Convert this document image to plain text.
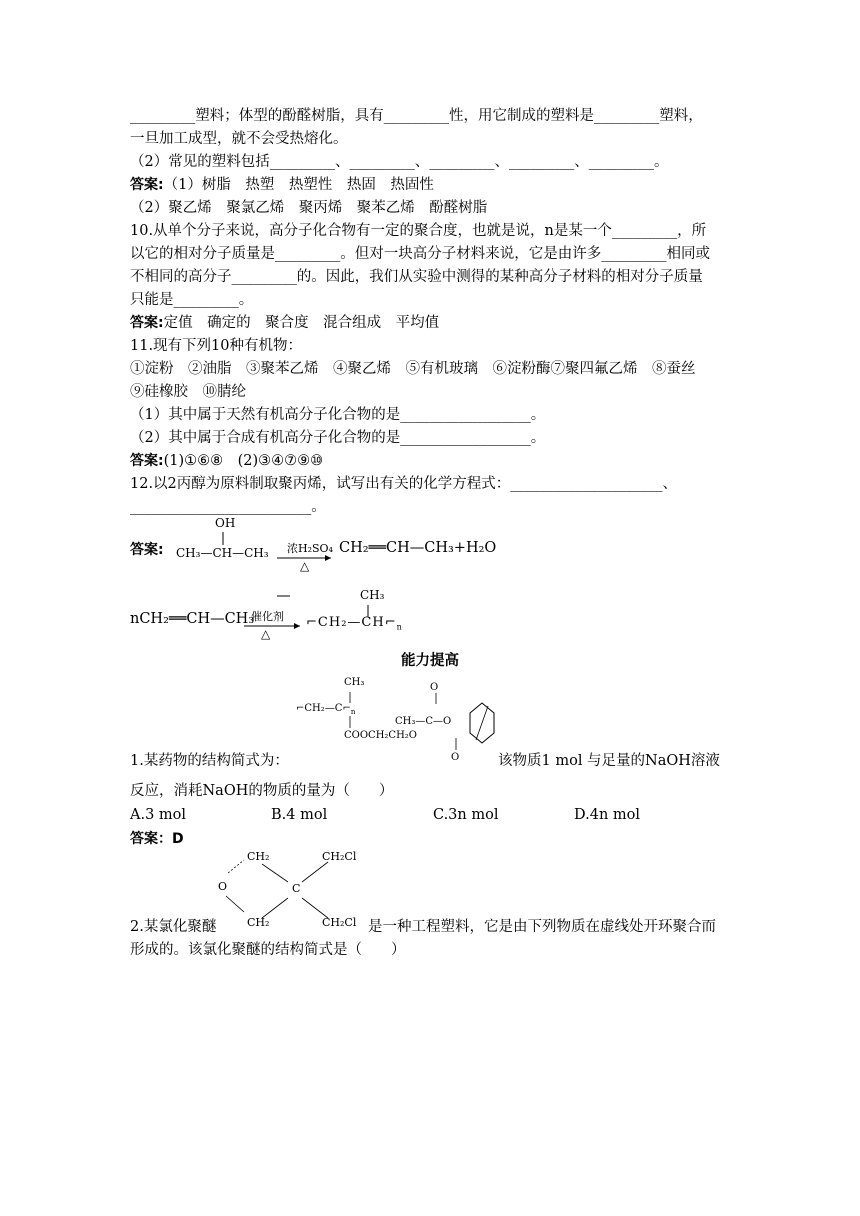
_________塑料；体型的酚醛树脂，具有_________性，用它制成的塑料是_________塑料，
一旦加工成型，就不会受热熔化。
（2）常见的塑料包括_________、_________、_________、_________、_________。
答案:（1）树脂　热塑　热塑性　热固　热固性
（2）聚乙烯　聚氯乙烯　聚丙烯　聚苯乙烯　酚醛树脂
10.从单个分子来说，高分子化合物有一定的聚合度，也就是说，n是某一个_________，所
以它的相对分子质量是_________。但对一块高分子材料来说，它是由许多_________相同或
不相同的高分子_________的。因此，我们从实验中测得的某种高分子材料的相对分子质量
只能是_________。
答案:定值　确定的　聚合度　混合组成　平均值
11.现有下列10种有机物：
①淀粉　②油脂　③聚苯乙烯　④聚乙烯　⑤有机玻璃　⑥淀粉酶⑦聚四氟乙烯　⑧蚕丝
⑨硅橡胶　⑩腈纶
（1）其中属于天然有机高分子化合物的是__________________。
（2）其中属于合成有机高分子化合物的是__________________。
答案:(1)①⑥⑧　(2)③④⑦⑨⑩
12.以2丙醇为原料制取聚丙烯，试写出有关的化学方程式：_____________________、
_________________________。
答案:
OH
CH₃—CH—CH₃ 浓H₂SO₄
△
CH₂══CH—CH₃+H₂O
nCH₂══CH—CH₃
催化剂
△
CH₃
$⌐CH_2—CH⌐_n$
能力提高
CH₃
$⌐CH_2—C⌐_n$
O
CH₃—C—O
COOCH₂CH₂O
O
1.某药物的结构简式为：	该物质1 mol 与足量的NaOH溶液
反应，消耗NaOH的物质的量为（　　）
A.3 mol	B.4 mol	C.3n mol	D.4n mol
答案：D
CH₂	CH₂Cl
O	C
CH₂	CH₂Cl
2.某氯化聚醚	是一种工程塑料，它是由下列物质在虚线处开环聚合而
形成的。该氯化聚醚的结构简式是（　　）
